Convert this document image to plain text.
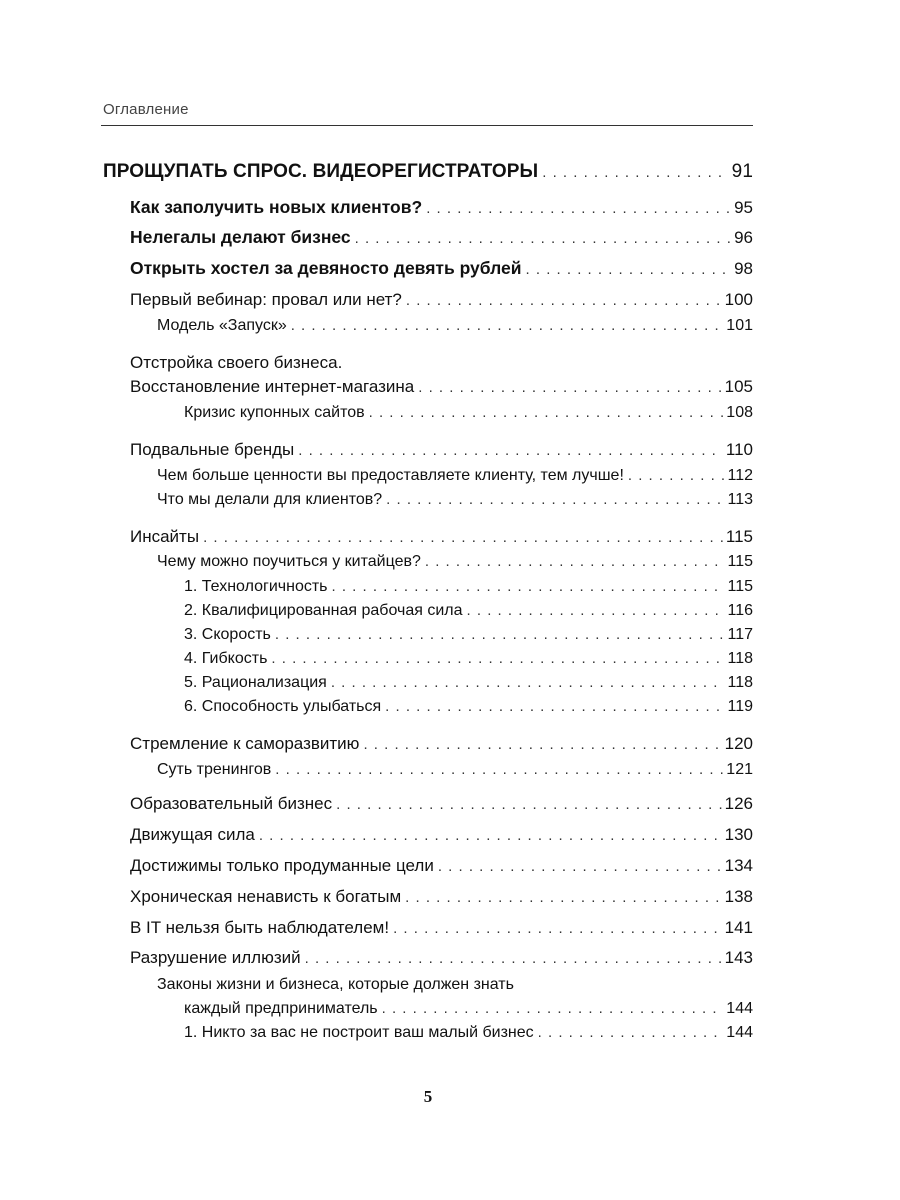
Оглавление
ПРОЩУПАТЬ СПРОС. ВИДЕОРЕГИСТРАТОРЫ . . .	91
Как заполучить новых клиентов? . . .	95
Нелегалы делают бизнес . . .	96
Открыть хостел за девяносто девять рублей . . .	98
Первый вебинар: провал или нет? . . .	100
Модель «Запуск» . . .	101
Отстройка своего бизнеса.
Восстановление интернет-магазина . . .	105
Кризис купонных сайтов . . .	108
Подвальные бренды . . .	110
Чем больше ценности вы предоставляете клиенту, тем лучше! . . .	112
Что мы делали для клиентов? . . .	113
Инсайты . . .	115
Чему можно поучиться у китайцев? . . .	115
1. Технологичность . . .	115
2. Квалифицированная рабочая сила . . .	116
3. Скорость . . .	117
4. Гибкость . . .	118
5. Рационализация . . .	118
6. Способность улыбаться . . .	119
Стремление к саморазвитию . . .	120
Суть тренингов . . .	121
Образовательный бизнес . . .	126
Движущая сила . . .	130
Достижимы только продуманные цели . . .	134
Хроническая ненависть к богатым . . .	138
В IT нельзя быть наблюдателем! . . .	141
Разрушение иллюзий . . .	143
Законы жизни и бизнеса, которые должен знать
каждый предприниматель . . .	144
1. Никто за вас не построит ваш малый бизнес . . .	144
5
